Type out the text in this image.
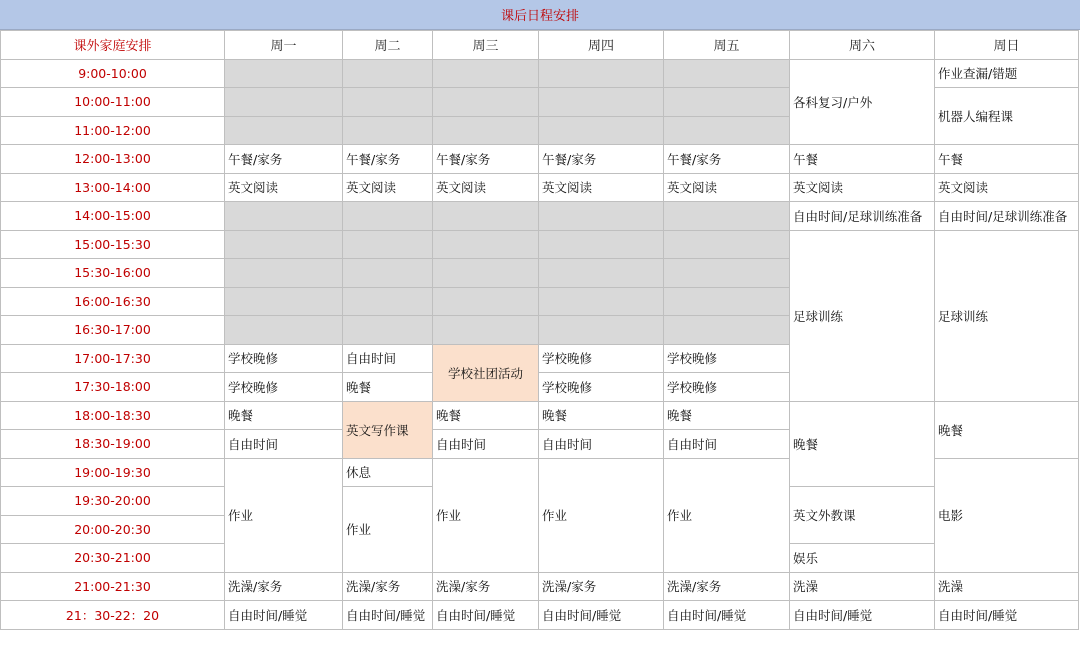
课后日程安排
课外家庭安排	周一	周二	周三	周四	周五	周六	周日
9:00-10:00						各科复习/户外	作业查漏/错题
10:00-11:00							机器人编程课
11:00-12:00							
12:00-13:00	午餐/家务	午餐/家务	午餐/家务	午餐/家务	午餐/家务	午餐	午餐
13:00-14:00	英文阅读	英文阅读	英文阅读	英文阅读	英文阅读	英文阅读	英文阅读
14:00-15:00						自由时间/足球训练准备	自由时间/足球训练准备
15:00-15:30						足球训练	足球训练
15:30-16:00							
16:00-16:30							
16:30-17:00							
17:00-17:30	学校晚修	自由时间	学校社团活动	学校晚修	学校晚修		
17:30-18:00	学校晚修	晚餐		学校晚修	学校晚修		
18:00-18:30	晚餐	英文写作课	晚餐	晚餐	晚餐	晚餐	晚餐
18:30-19:00	自由时间		自由时间	自由时间	自由时间		
19:00-19:30	作业	休息	作业	作业	作业		电影
19:30-20:00		作业				英文外教课	
20:00-20:30							
20:30-21:00						娱乐	
21:00-21:30	洗澡/家务	洗澡/家务	洗澡/家务	洗澡/家务	洗澡/家务	洗澡	洗澡
21：30-22：20	自由时间/睡觉	自由时间/睡觉	自由时间/睡觉	自由时间/睡觉	自由时间/睡觉	自由时间/睡觉	自由时间/睡觉
